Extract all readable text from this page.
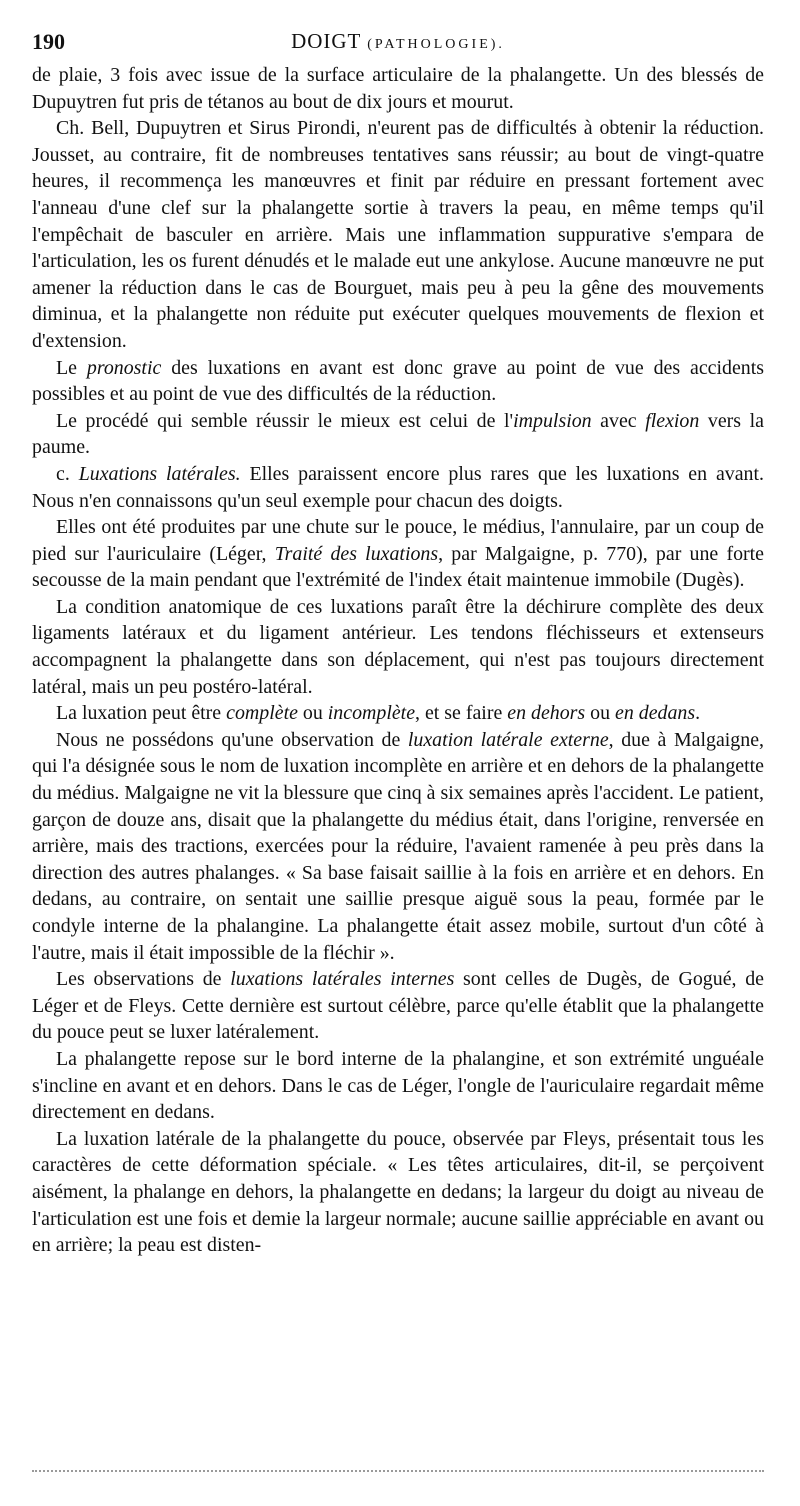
190	DOIGT (PATHOLOGIE).

de plaie, 3 fois avec issue de la surface articulaire de la phalangette. Un des blessés de Dupuytren fut pris de tétanos au bout de dix jours et mourut.

Ch. Bell, Dupuytren et Sirus Pirondi, n'eurent pas de difficultés à obtenir la réduction. Jousset, au contraire, fit de nombreuses tentatives sans réussir; au bout de vingt-quatre heures, il recommença les manœuvres et finit par réduire en pressant fortement avec l'anneau d'une clef sur la phalangette sortie à travers la peau, en même temps qu'il l'empêchait de basculer en arrière. Mais une inflammation suppurative s'empara de l'articulation, les os furent dénudés et le malade eut une ankylose. Aucune manœuvre ne put amener la réduction dans le cas de Bourguet, mais peu à peu la gêne des mouvements diminua, et la phalangette non réduite put exécuter quelques mouvements de flexion et d'extension.

Le pronostic des luxations en avant est donc grave au point de vue des accidents possibles et au point de vue des difficultés de la réduction.

Le procédé qui semble réussir le mieux est celui de l'impulsion avec flexion vers la paume.

c. Luxations latérales. Elles paraissent encore plus rares que les luxations en avant. Nous n'en connaissons qu'un seul exemple pour chacun des doigts.

Elles ont été produites par une chute sur le pouce, le médius, l'annulaire, par un coup de pied sur l'auriculaire (Léger, Traité des luxations, par Malgaigne, p. 770), par une forte secousse de la main pendant que l'extrémité de l'index était maintenue immobile (Dugès).

La condition anatomique de ces luxations paraît être la déchirure complète des deux ligaments latéraux et du ligament antérieur. Les tendons fléchisseurs et extenseurs accompagnent la phalangette dans son déplacement, qui n'est pas toujours directement latéral, mais un peu postéro-latéral.

La luxation peut être complète ou incomplète, et se faire en dehors ou en dedans.

Nous ne possédons qu'une observation de luxation latérale externe, due à Malgaigne, qui l'a désignée sous le nom de luxation incomplète en arrière et en dehors de la phalangette du médius. Malgaigne ne vit la blessure que cinq à six semaines après l'accident. Le patient, garçon de douze ans, disait que la phalangette du médius était, dans l'origine, renversée en arrière, mais des tractions, exercées pour la réduire, l'avaient ramenée à peu près dans la direction des autres phalanges. « Sa base faisait saillie à la fois en arrière et en dehors. En dedans, au contraire, on sentait une saillie presque aiguë sous la peau, formée par le condyle interne de la phalangine. La phalangette était assez mobile, surtout d'un côté à l'autre, mais il était impossible de la fléchir ».

Les observations de luxations latérales internes sont celles de Dugès, de Gogué, de Léger et de Fleys. Cette dernière est surtout célèbre, parce qu'elle établit que la phalangette du pouce peut se luxer latéralement.

La phalangette repose sur le bord interne de la phalangine, et son extrémité unguéale s'incline en avant et en dehors. Dans le cas de Léger, l'ongle de l'auriculaire regardait même directement en dedans.

La luxation latérale de la phalangette du pouce, observée par Fleys, présentait tous les caractères de cette déformation spéciale. « Les têtes articulaires, dit-il, se perçoivent aisément, la phalange en dehors, la phalangette en dedans; la largeur du doigt au niveau de l'articulation est une fois et demie la largeur normale; aucune saillie appréciable en avant ou en arrière; la peau est disten-
